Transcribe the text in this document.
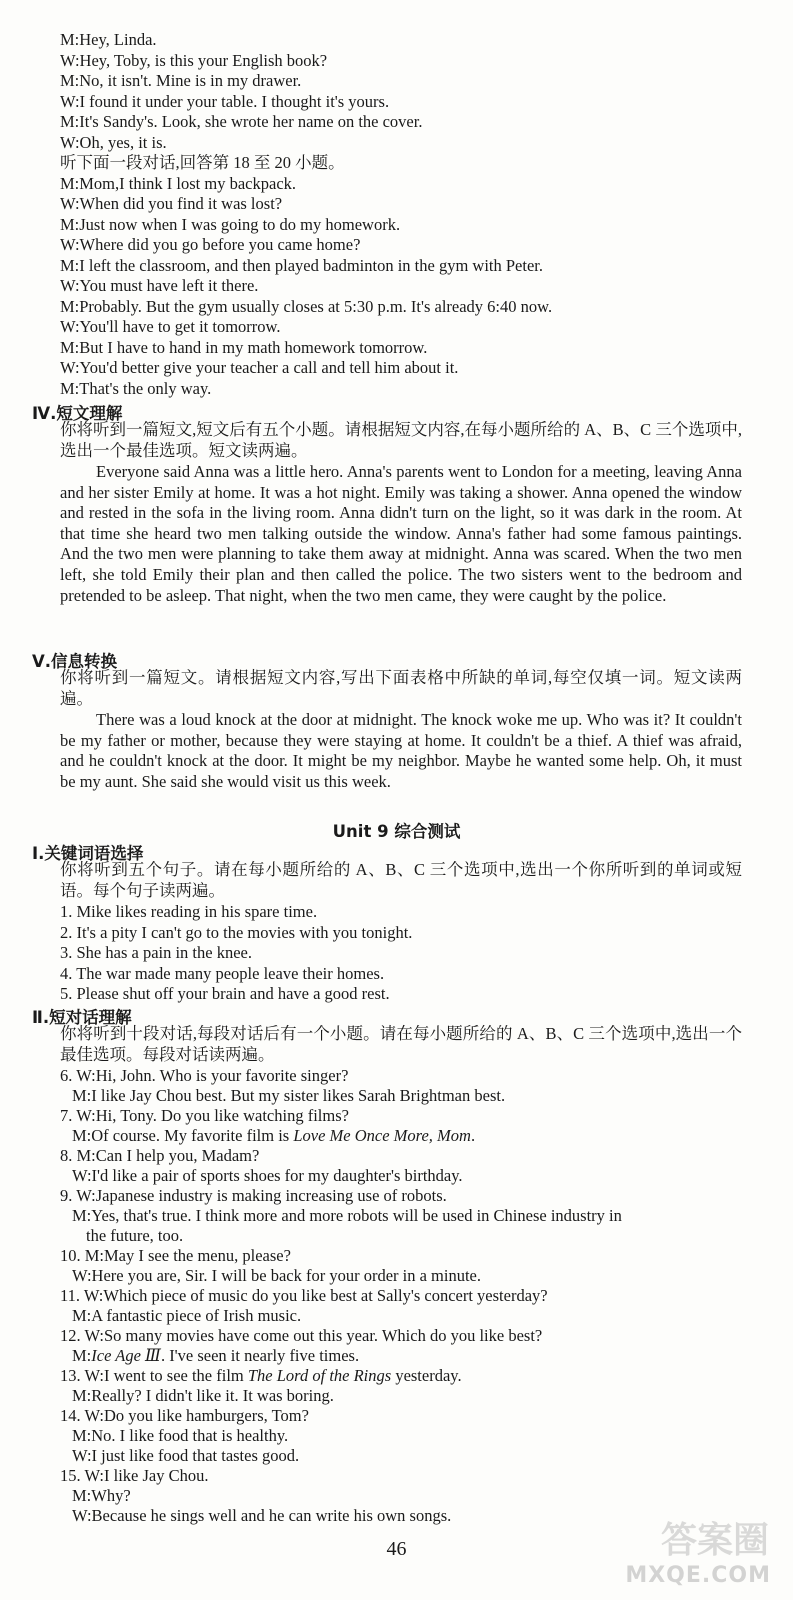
M:Hey, Linda.
W:Hey, Toby, is this your English book?
M:No, it isn't. Mine is in my drawer.
W:I found it under your table. I thought it's yours.
M:It's Sandy's. Look, she wrote her name on the cover.
W:Oh, yes, it is.
听下面一段对话,回答第 18 至 20 小题。
M:Mom,I think I lost my backpack.
W:When did you find it was lost?
M:Just now when I was going to do my homework.
W:Where did you go before you came home?
M:I left the classroom, and then played badminton in the gym with Peter.
W:You must have left it there.
M:Probably. But the gym usually closes at 5:30 p.m. It's already 6:40 now.
W:You'll have to get it tomorrow.
M:But I have to hand in my math homework tomorrow.
W:You'd better give your teacher a call and tell him about it.
M:That's the only way.
Ⅳ.短文理解
你将听到一篇短文,短文后有五个小题。请根据短文内容,在每小题所给的 A、B、C 三个选项中,选出一个最佳选项。短文读两遍。
Everyone said Anna was a little hero. Anna's parents went to London for a meeting, leaving Anna and her sister Emily at home. It was a hot night. Emily was taking a shower. Anna opened the window and rested in the sofa in the living room. Anna didn't turn on the light, so it was dark in the room. At that time she heard two men talking outside the window. Anna's father had some famous paintings. And the two men were planning to take them away at midnight. Anna was scared. When the two men left, she told Emily their plan and then called the police. The two sisters went to the bedroom and pretended to be asleep. That night, when the two men came, they were caught by the police.
Ⅴ.信息转换
你将听到一篇短文。请根据短文内容,写出下面表格中所缺的单词,每空仅填一词。短文读两遍。
There was a loud knock at the door at midnight. The knock woke me up. Who was it? It couldn't be my father or mother, because they were staying at home. It couldn't be a thief. A thief was afraid, and he couldn't knock at the door. It might be my neighbor. Maybe he wanted some help. Oh, it must be my aunt. She said she would visit us this week.
Unit 9 综合测试
Ⅰ.关键词语选择
你将听到五个句子。请在每小题所给的 A、B、C 三个选项中,选出一个你所听到的单词或短语。每个句子读两遍。
1. Mike likes reading in his spare time.
2. It's a pity I can't go to the movies with you tonight.
3. She has a pain in the knee.
4. The war made many people leave their homes.
5. Please shut off your brain and have a good rest.
Ⅱ.短对话理解
你将听到十段对话,每段对话后有一个小题。请在每小题所给的 A、B、C 三个选项中,选出一个最佳选项。每段对话读两遍。
6. W:Hi, John. Who is your favorite singer?
M:I like Jay Chou best. But my sister likes Sarah Brightman best.
7. W:Hi, Tony. Do you like watching films?
M:Of course. My favorite film is Love Me Once More, Mom.
8. M:Can I help you, Madam?
W:I'd like a pair of sports shoes for my daughter's birthday.
9. W:Japanese industry is making increasing use of robots.
M:Yes, that's true. I think more and more robots will be used in Chinese industry in
the future, too.
10. M:May I see the menu, please?
W:Here you are, Sir. I will be back for your order in a minute.
11. W:Which piece of music do you like best at Sally's concert yesterday?
M:A fantastic piece of Irish music.
12. W:So many movies have come out this year. Which do you like best?
M:Ice Age Ⅲ. I've seen it nearly five times.
13. W:I went to see the film The Lord of the Rings yesterday.
M:Really? I didn't like it. It was boring.
14. W:Do you like hamburgers, Tom?
M:No. I like food that is healthy.
W:I just like food that tastes good.
15. W:I like Jay Chou.
M:Why?
W:Because he sings well and he can write his own songs.
46	答案圈
MXQE.COM
